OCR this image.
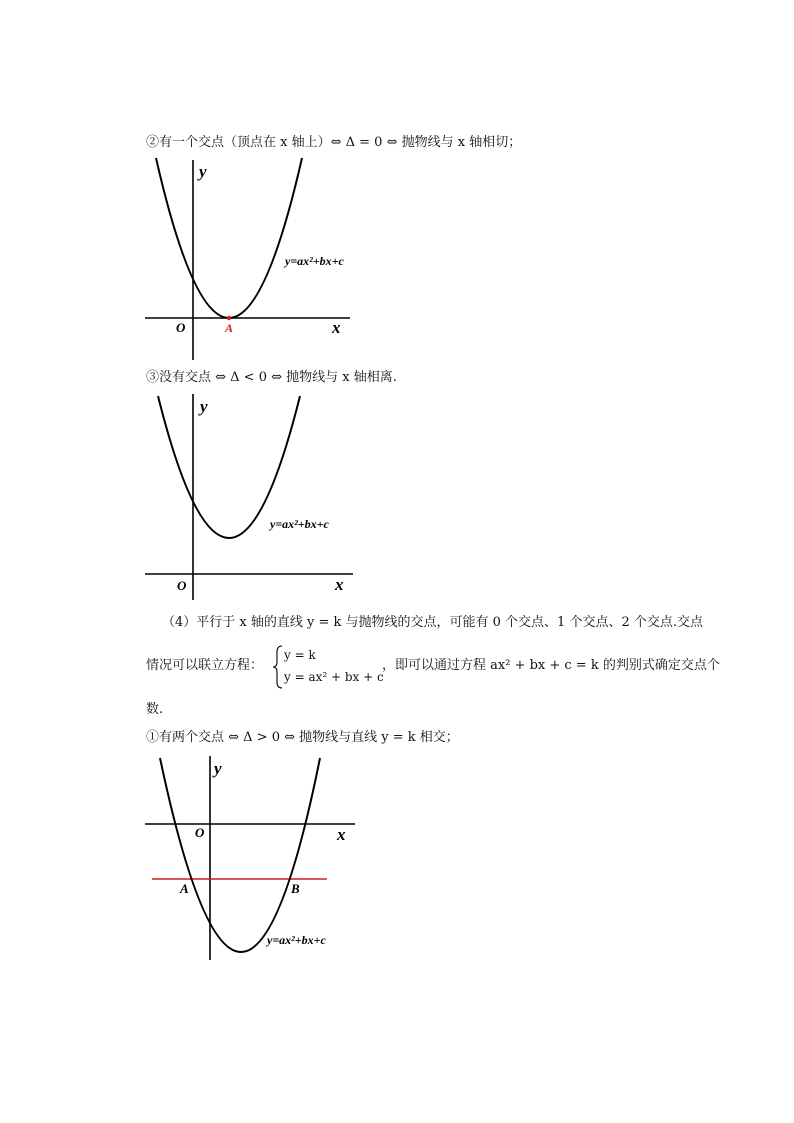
②有一个交点（顶点在 x 轴上）⇔ Δ = 0 ⇔ 抛物线与 x 轴相切；
y
x
O	A
y=ax²+bx+c
③没有交点 ⇔ Δ < 0 ⇔ 抛物线与 x 轴相离.
y
x
O
y=ax²+bx+c
（4）平行于 x 轴的直线 y = k 与抛物线的交点，可能有 0 个交点、1 个交点、2 个交点.交点
情况可以联立方程：
y = k
y = ax² + bx + c
，即可以通过方程 ax² + bx + c = k 的判别式确定交点个
数.
①有两个交点 ⇔ Δ > 0 ⇔ 抛物线与直线 y = k 相交；
y
x
O
A	B
y=ax²+bx+c
